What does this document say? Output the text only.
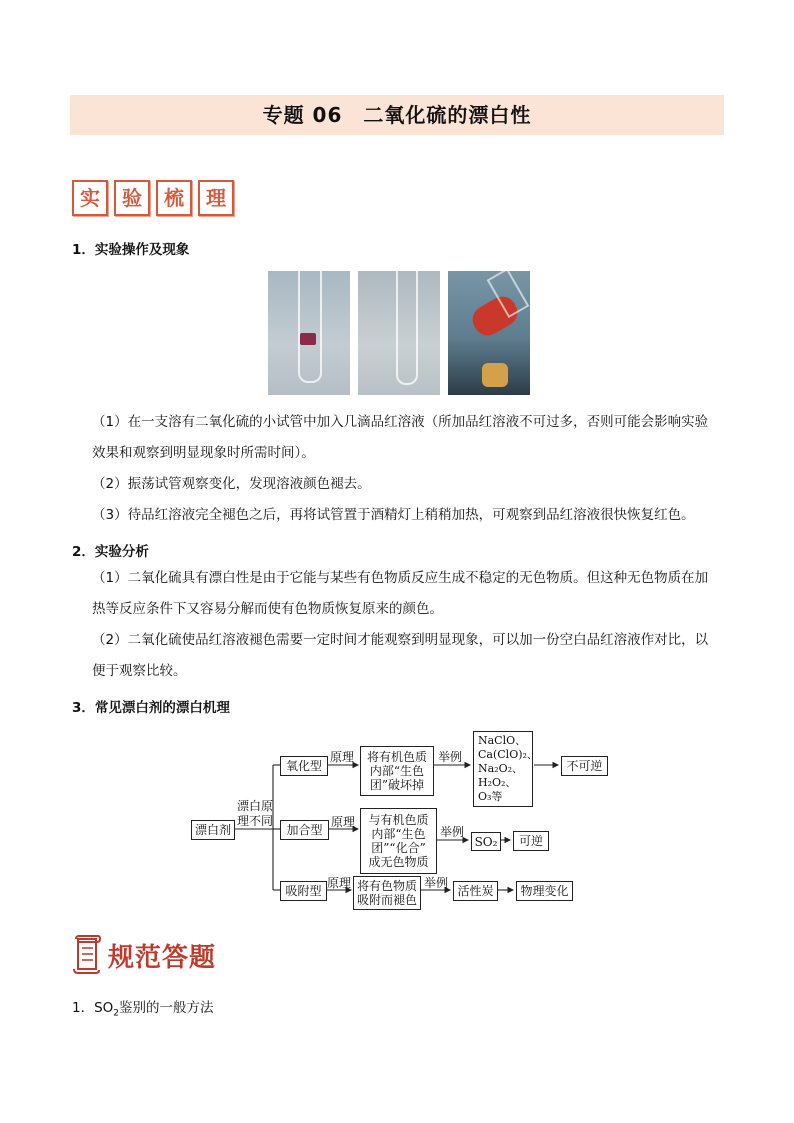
专题 06　二氧化硫的漂白性
实	验	梳	理
1．实验操作及现象
（1）在一支溶有二氧化硫的小试管中加入几滴品红溶液（所加品红溶液不可过多，否则可能会影响实验
效果和观察到明显现象时所需时间）。
（2）振荡试管观察变化，发现溶液颜色褪去。
（3）待品红溶液完全褪色之后，再将试管置于酒精灯上稍稍加热，可观察到品红溶液很快恢复红色。
2．实验分析
（1）二氧化硫具有漂白性是由于它能与某些有色物质反应生成不稳定的无色物质。但这种无色物质在加
热等反应条件下又容易分解而使有色物质恢复原来的颜色。
（2）二氧化硫使品红溶液褪色需要一定时间才能观察到明显现象，可以加一份空白品红溶液作对比，以
便于观察比较。
3．常见漂白剂的漂白机理
漂白剂
漂白原
理不同
氧化型
加合型
吸附型
原理
原理
原理
将有机色质
内部“生色
团”破坏掉
与有机色质
内部“生色
团”“化合”
成无色物质
将有色物质
吸附而褪色
举例
举例
举例
NaClO、
Ca(ClO)₂、
Na₂O₂、
H₂O₂、
O₃等
SO₂
活性炭
不可逆
可逆
物理变化
规范答题
1．$SO_2$鉴别的一般方法
